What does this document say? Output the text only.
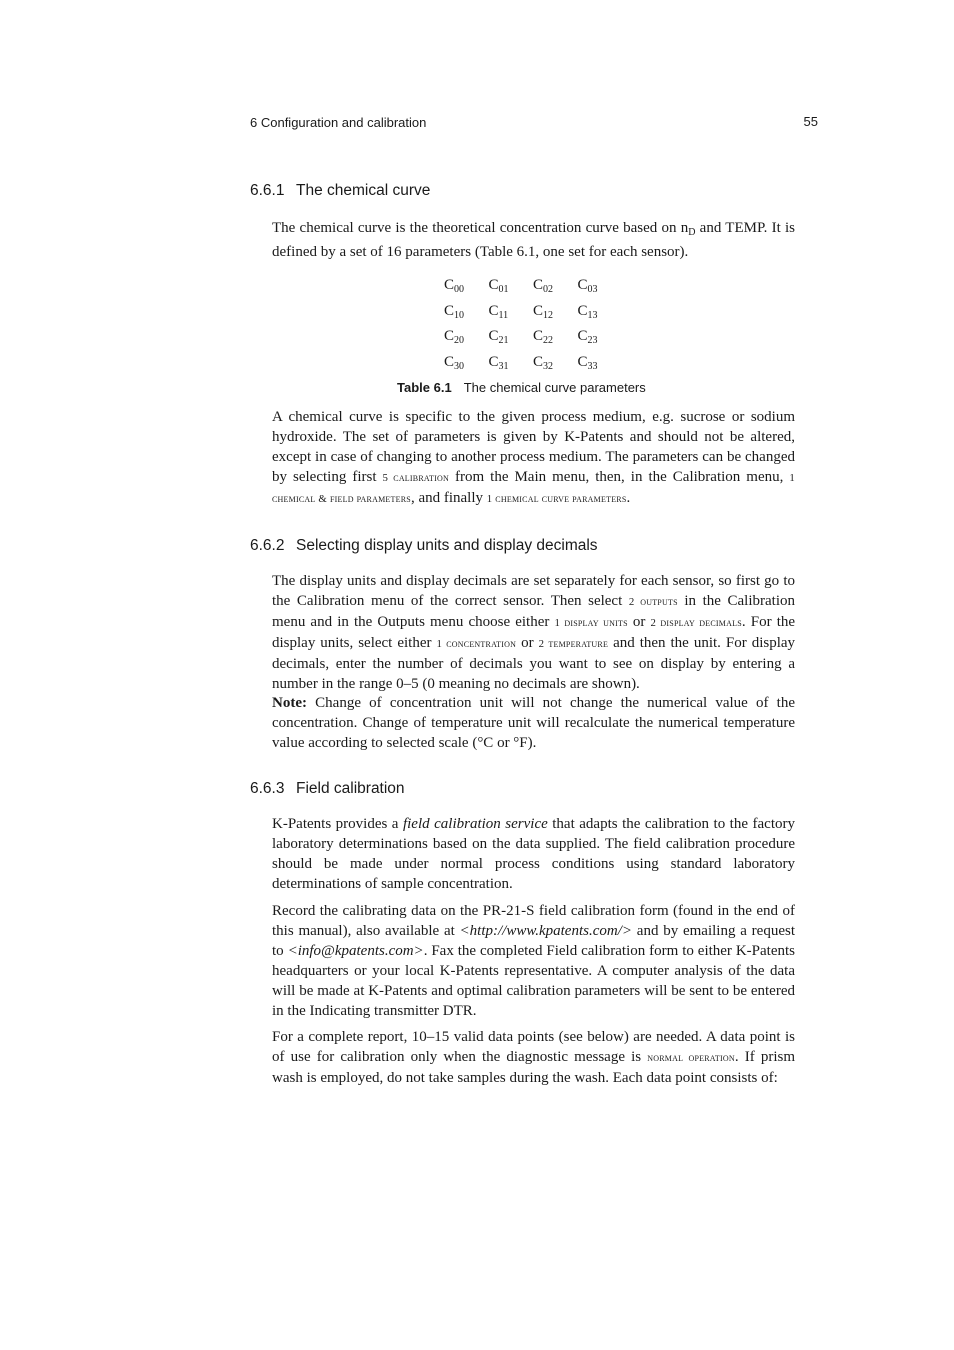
6 Configuration and calibration	55
6.6.1 The chemical curve
The chemical curve is the theoretical concentration curve based on $n_D$ and TEMP. It is defined by a set of 16 parameters (Table 6.1, one set for each sensor).
$C_{00}$ $C_{01}$ $C_{02}$ $C_{03}$
$C_{10}$ $C_{11}$ $C_{12}$ $C_{13}$
$C_{20}$ $C_{21}$ $C_{22}$ $C_{23}$
$C_{30}$ $C_{31}$ $C_{32}$ $C_{33}$
Table 6.1 The chemical curve parameters
A chemical curve is specific to the given process medium, e.g. sucrose or sodium hydroxide. The set of parameters is given by K-Patents and should not be altered, except in case of changing to another process medium. The parameters can be changed by selecting first 5 calibration from the Main menu, then, in the Calibration menu, 1 chemical & field parameters, and finally 1 chemical curve parameters.
6.6.2 Selecting display units and display decimals
The display units and display decimals are set separately for each sensor, so first go to the Calibration menu of the correct sensor. Then select 2 outputs in the Calibration menu and in the Outputs menu choose either 1 display units or 2 display decimals. For the display units, select either 1 concentration or 2 temperature and then the unit. For display decimals, enter the number of decimals you want to see on display by entering a number in the range 0–5 (0 meaning no decimals are shown).
Note: Change of concentration unit will not change the numerical value of the concentration. Change of temperature unit will recalculate the numerical temperature value according to selected scale (°C or °F).
6.6.3 Field calibration
K-Patents provides a field calibration service that adapts the calibration to the factory laboratory determinations based on the data supplied. The field calibration procedure should be made under normal process conditions using standard laboratory determinations of sample concentration.
Record the calibrating data on the PR-21-S field calibration form (found in the end of this manual), also available at <http://www.kpatents.com/> and by emailing a request to <info@kpatents.com>. Fax the completed Field calibration form to either K-Patents headquarters or your local K-Patents representative. A computer analysis of the data will be made at K-Patents and optimal calibration parameters will be sent to be entered in the Indicating transmitter DTR.
For a complete report, 10–15 valid data points (see below) are needed. A data point is of use for calibration only when the diagnostic message is normal operation. If prism wash is employed, do not take samples during the wash. Each data point consists of:
